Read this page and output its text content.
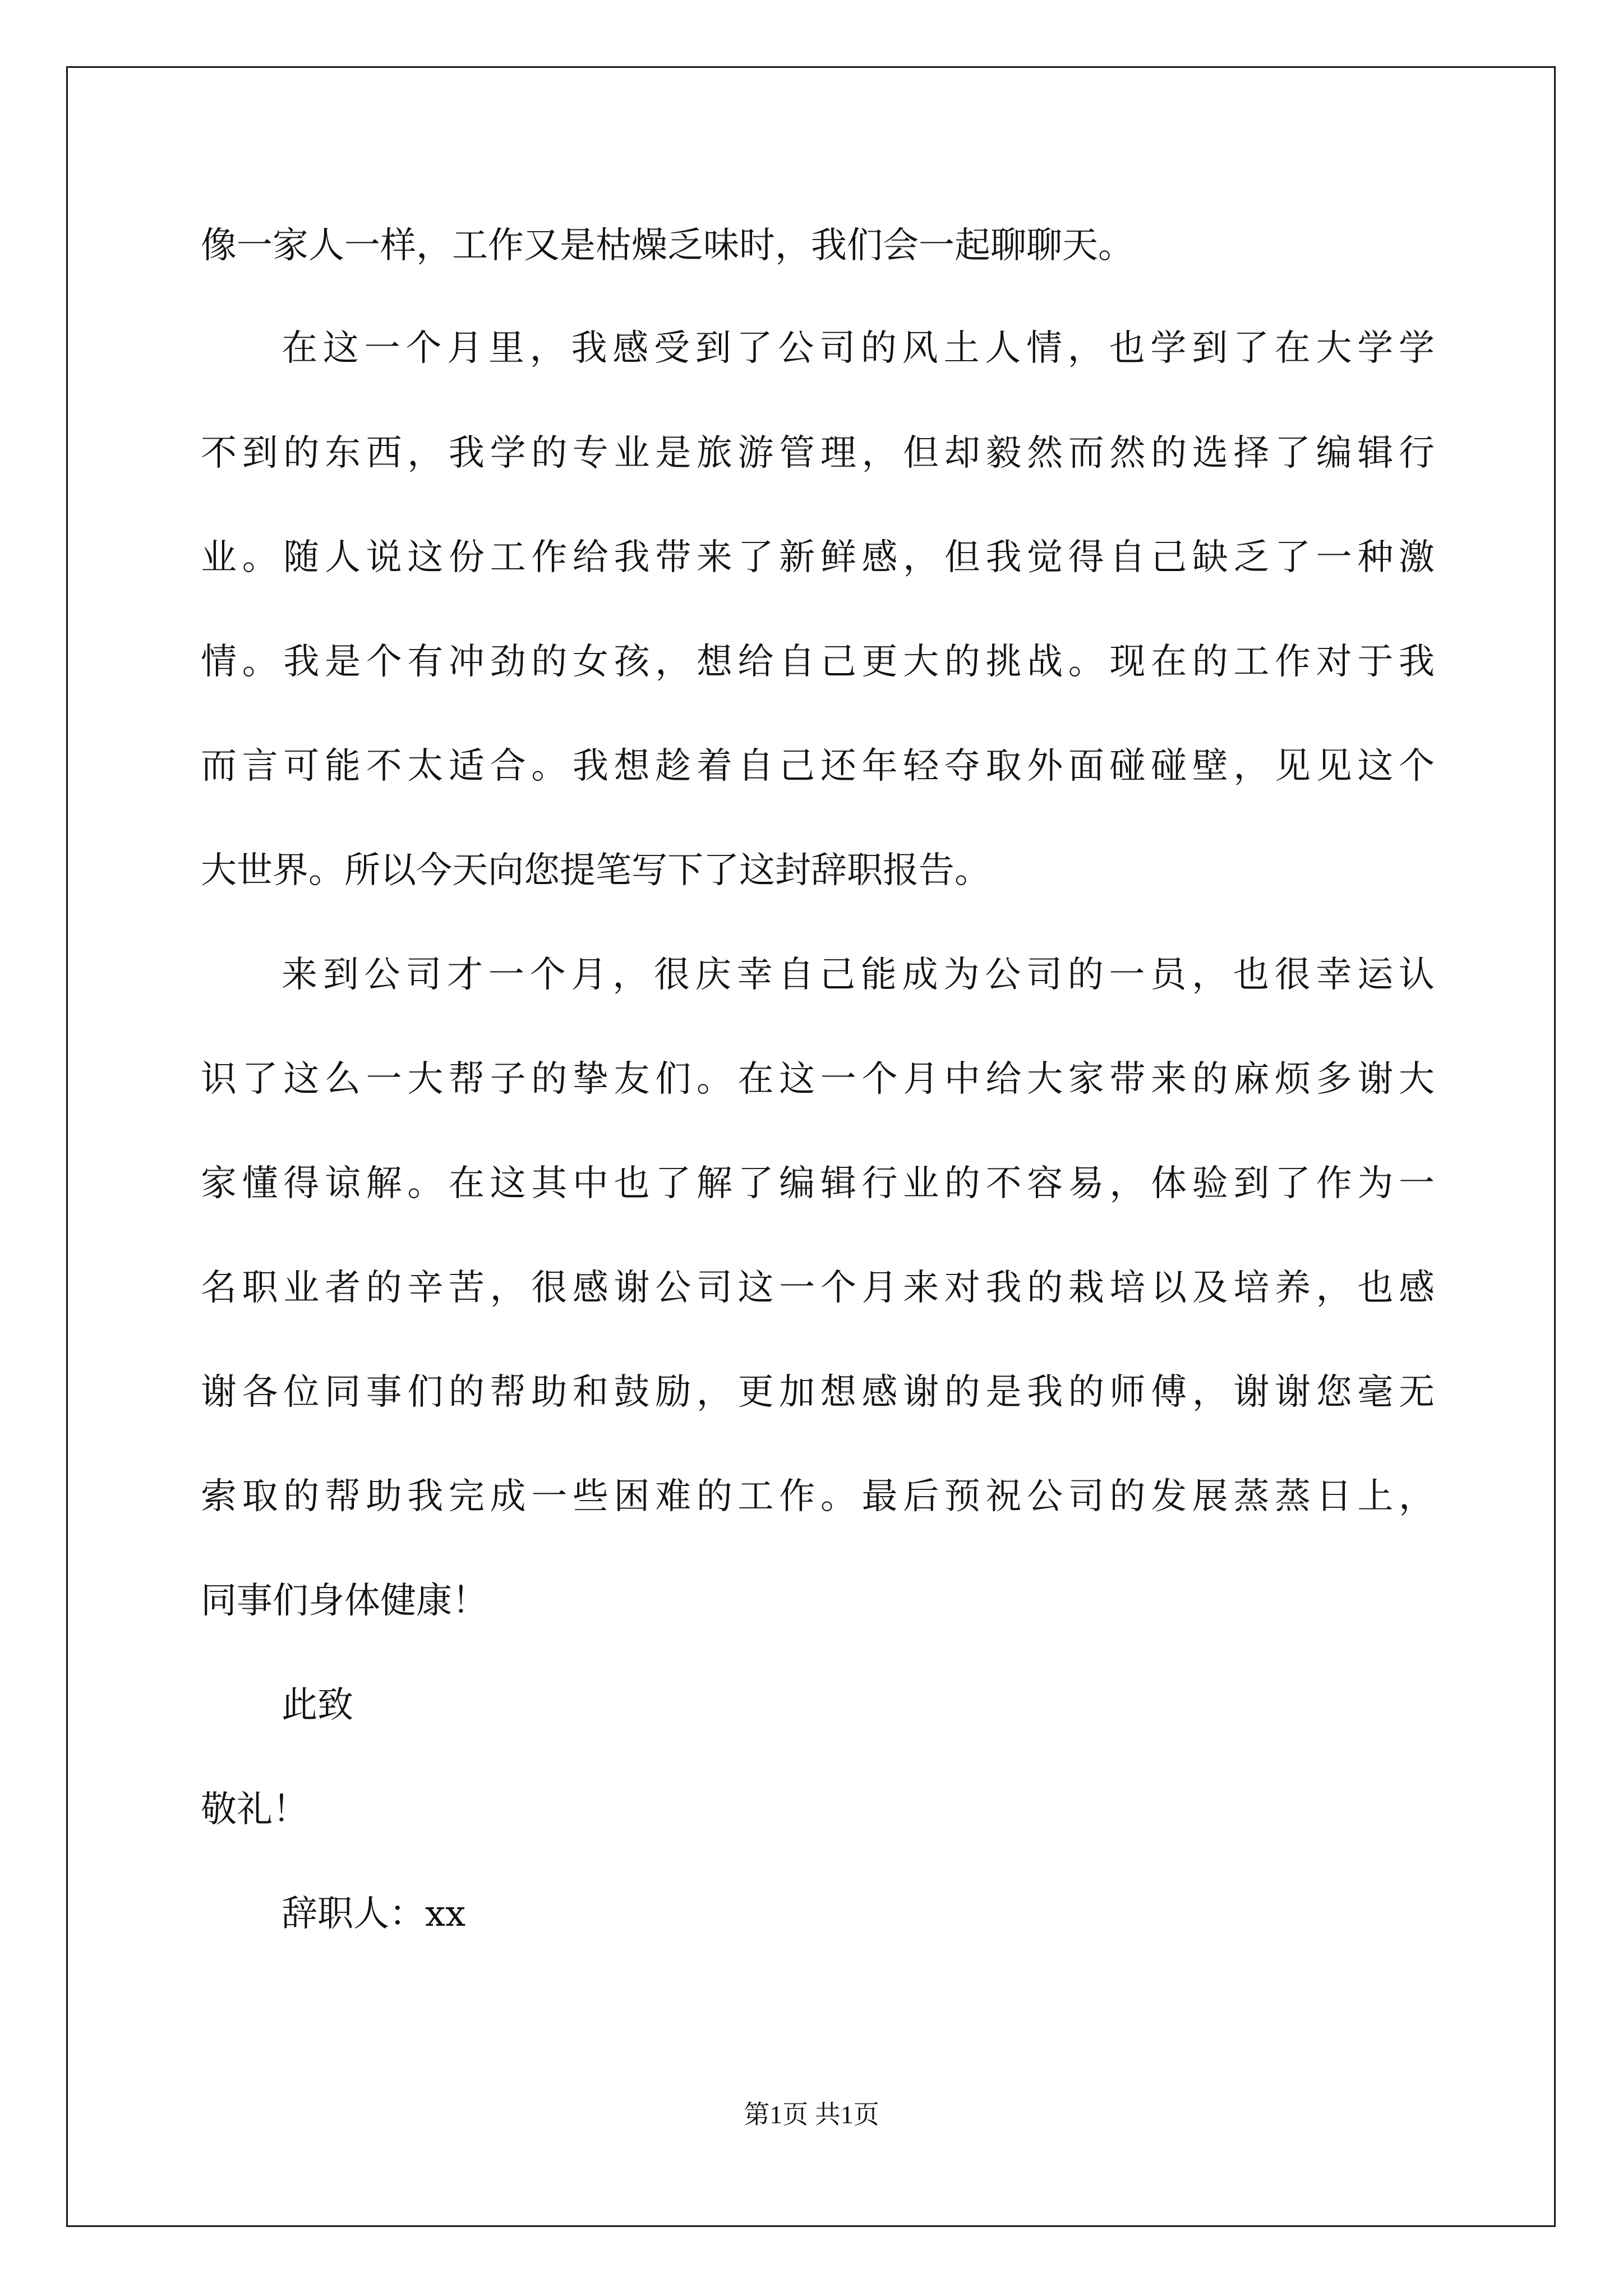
像一家人一样，工作又是枯燥乏味时，我们会一起聊聊天。
在这一个月里，我感受到了公司的风土人情，也学到了在大学学
不到的东西，我学的专业是旅游管理，但却毅然而然的选择了编辑行
业。随人说这份工作给我带来了新鲜感，但我觉得自己缺乏了一种激
情。我是个有冲劲的女孩，想给自己更大的挑战。现在的工作对于我
而言可能不太适合。我想趁着自己还年轻夺取外面碰碰壁，见见这个
大世界。所以今天向您提笔写下了这封辞职报告。
来到公司才一个月，很庆幸自己能成为公司的一员，也很幸运认
识了这么一大帮子的挚友们。在这一个月中给大家带来的麻烦多谢大
家懂得谅解。在这其中也了解了编辑行业的不容易，体验到了作为一
名职业者的辛苦，很感谢公司这一个月来对我的栽培以及培养，也感
谢各位同事们的帮助和鼓励，更加想感谢的是我的师傅，谢谢您毫无
索取的帮助我完成一些困难的工作。最后预祝公司的发展蒸蒸日上，
同事们身体健康！
此致
敬礼！
辞职人：xx
第1页 共1页
